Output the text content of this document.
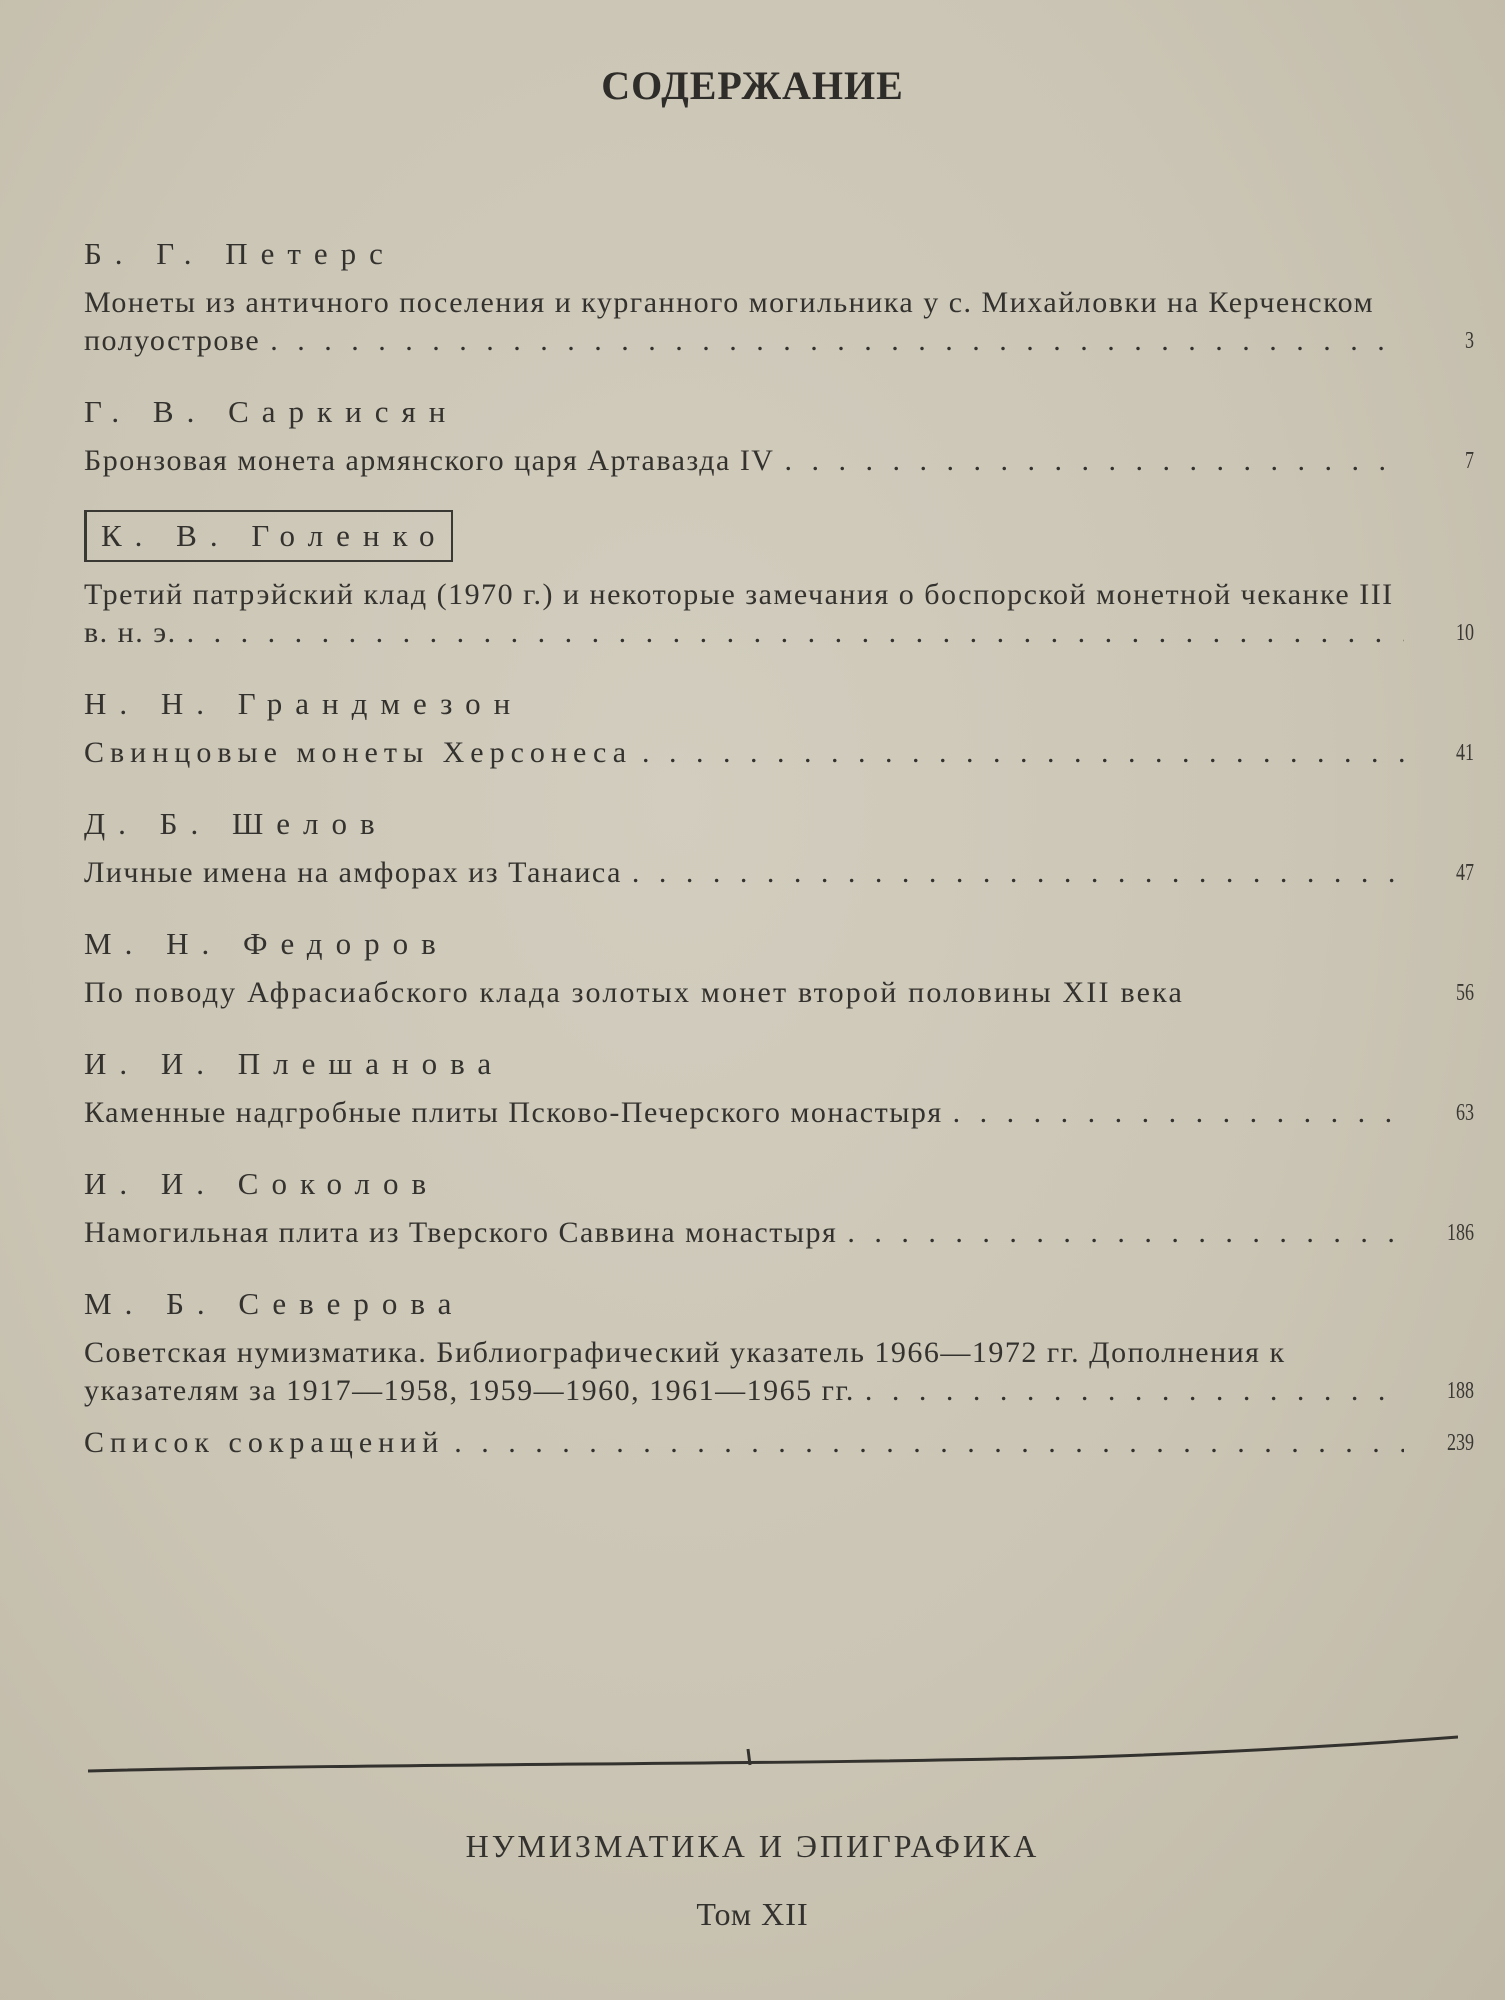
СОДЕРЖАНИЕ
Б. Г. Петерс
Монеты из античного поселения и курганного могильника у с. Михайловки на Керченском полуострове . . .	3
Г. В. Саркисян
Бронзовая монета армянского царя Артавазда IV . . .	7
К. В. Голенко
Третий патрэйский клад (1970 г.) и некоторые замечания о боспорской монетной чеканке III в. н. э. . . .	10
Н. Н. Грандмезон
Свинцовые монеты Херсонеса . . .	41
Д. Б. Шелов
Личные имена на амфорах из Танаиса . . .	47
М. Н. Федоров
По поводу Афрасиабского клада золотых монет второй половины XII века	56
И. И. Плешанова
Каменные надгробные плиты Псково-Печерского монастыря . . .	63
И. И. Соколов
Намогильная плита из Тверского Саввина монастыря . . .	186
М. Б. Северова
Советская нумизматика. Библиографический указатель 1966—1972 гг. Дополнения к указателям за 1917—1958, 1959—1960, 1961—1965 гг. . . .	188
Список сокращений . . .	239
НУМИЗМАТИКА И ЭПИГРАФИКА
Том XII
